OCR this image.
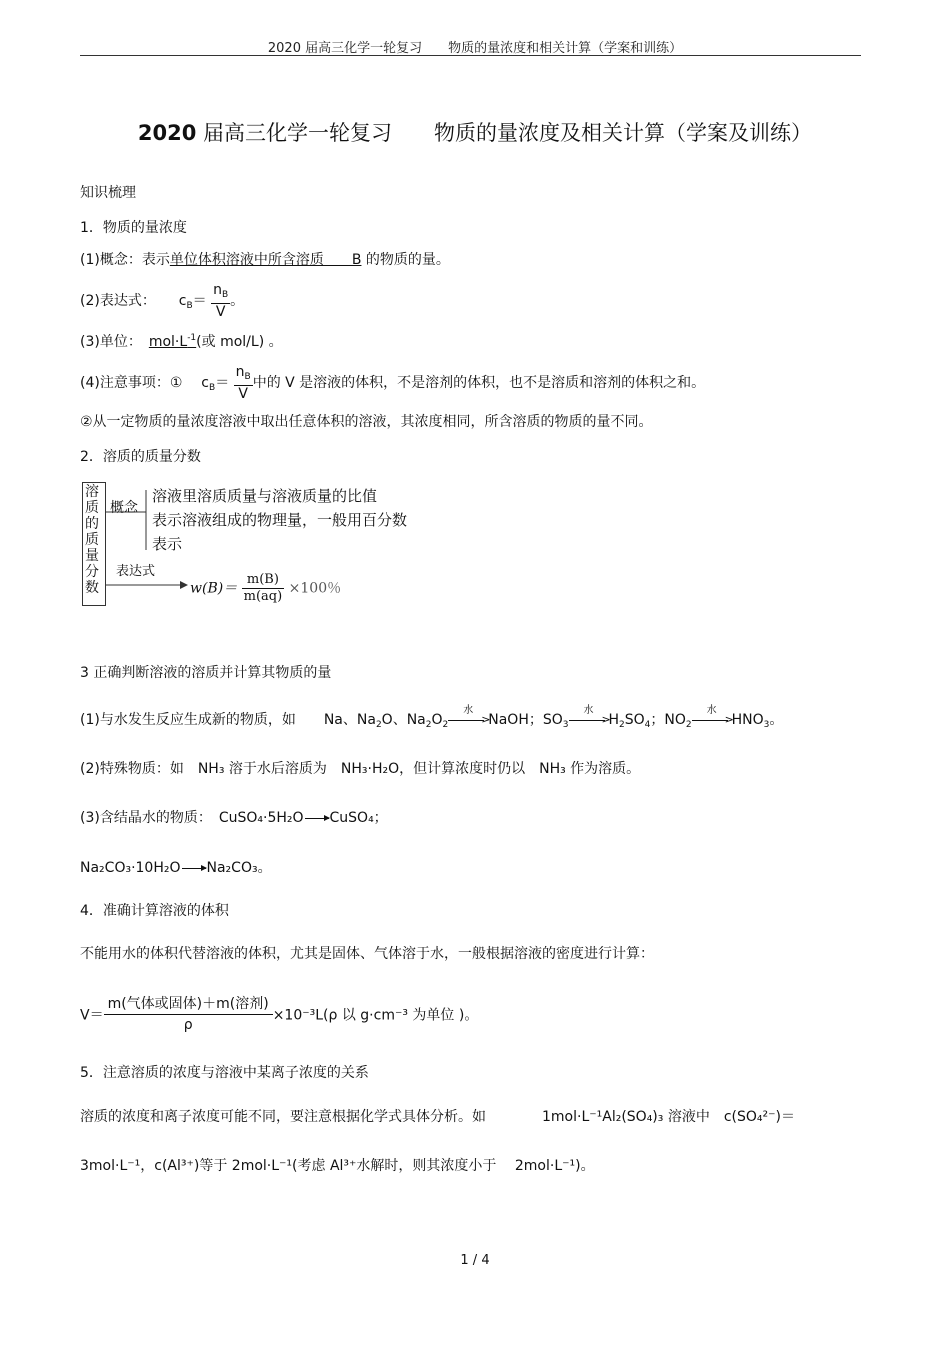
2020 届高三化学一轮复习　　物质的量浓度和相关计算（学案和训练）
2020 届高三化学一轮复习　　物质的量浓度及相关计算（学案及训练）
知识梳理
1．物质的量浓度
(1)概念：表示单位体积溶液中所含溶质　　B 的物质的量。
(2)表达式： $c_B= \frac{n_B}{V}$ 。
(3)单位：　 $mol\cdot L^{-1}$(或 mol/L) 。
(4)注意事项：① $c_B= \frac{n_B}{V}$ 中的 V 是溶液的体积，不是溶剂的体积，也不是溶质和溶剂的体积之和。
②从一定物质的量浓度溶液中取出任意体积的溶液，其浓度相同，所含溶质的物质的量不同。
2．溶质的质量分数
溶
质
的
质
量
分
数
概念
溶液里溶质质量与溶液质量的比值
表示溶液组成的物理量，一般用百分数
表示
表达式
$w(B)= \frac{m(B)}{m(aq)} \times 100$％
3 正确判断溶液的溶质并计算其物质的量
(1)与水发生反应生成新的物质，如　　Na、$Na_2O$、$Na_2O_2$
水
>
NaOH；$SO_3$
水
>
$H_2SO_4$；$NO_2$
水
>
$HNO_3$。
(2)特殊物质：如　NH₃ 溶于水后溶质为　NH₃·H₂O，但计算浓度时仍以　NH₃ 作为溶质。
(3)含结晶水的物质：　CuSO₄·5H₂O→CuSO₄；
Na₂CO₃·10H₂O→Na₂CO₃。
4．准确计算溶液的体积
不能用水的体积代替溶液的体积，尤其是固体、气体溶于水，一般根据溶液的密度进行计算：
$V= \frac{\text{m(气体或固体)＋m(溶剂)}}{\rho} \times 10^{-3}L(\rho$ 以 g·cm⁻³ 为单位 )。
5．注意溶质的浓度与溶液中某离子浓度的关系
溶质的浓度和离子浓度可能不同，要注意根据化学式具体分析。如　　　　1mol·L⁻¹Al₂(SO₄)₃ 溶液中　c(SO₄²⁻)＝
3mol·L⁻¹，c(Al³⁺)等于 2mol·L⁻¹(考虑 Al³⁺水解时，则其浓度小于　 2mol·L⁻¹)。
1 / 4
